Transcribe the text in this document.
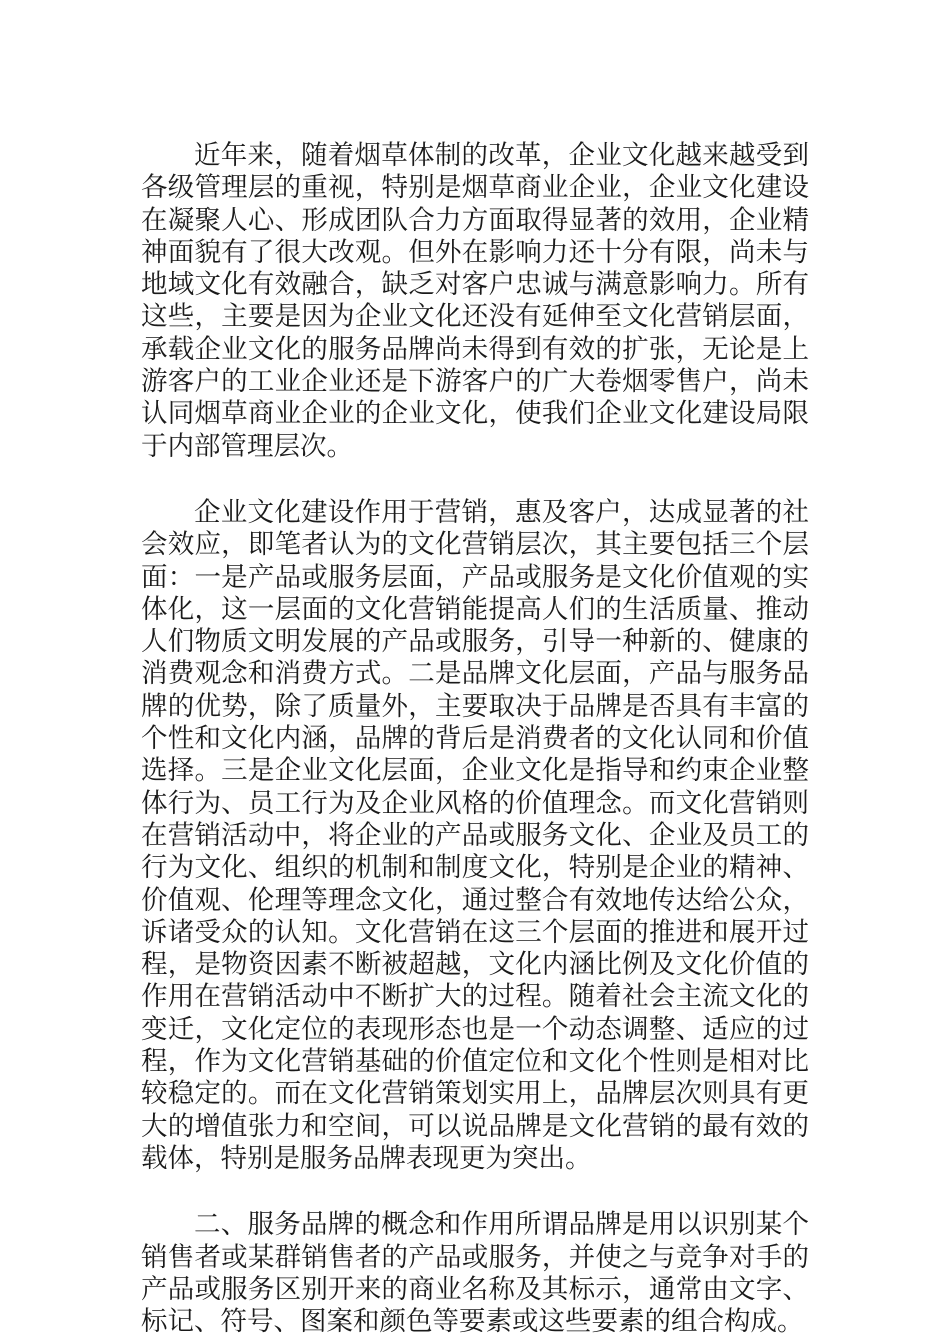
近年来，随着烟草体制的改革，企业文化越来越受到各级管理层的重视，特别是烟草商业企业，企业文化建设在凝聚人心、形成团队合力方面取得显著的效用，企业精神面貌有了很大改观。但外在影响力还十分有限，尚未与地域文化有效融合，缺乏对客户忠诚与满意影响力。所有这些，主要是因为企业文化还没有延伸至文化营销层面，承载企业文化的服务品牌尚未得到有效的扩张，无论是上游客户的工业企业还是下游客户的广大卷烟零售户，尚未认同烟草商业企业的企业文化，使我们企业文化建设局限于内部管理层次。

企业文化建设作用于营销，惠及客户，达成显著的社会效应，即笔者认为的文化营销层次，其主要包括三个层面：一是产品或服务层面，产品或服务是文化价值观的实体化，这一层面的文化营销能提高人们的生活质量、推动人们物质文明发展的产品或服务，引导一种新的、健康的消费观念和消费方式。二是品牌文化层面，产品与服务品牌的优势，除了质量外，主要取决于品牌是否具有丰富的个性和文化内涵，品牌的背后是消费者的文化认同和价值选择。三是企业文化层面，企业文化是指导和约束企业整体行为、员工行为及企业风格的价值理念。而文化营销则在营销活动中，将企业的产品或服务文化、企业及员工的行为文化、组织的机制和制度文化，特别是企业的精神、价值观、伦理等理念文化，通过整合有效地传达给公众，诉诸受众的认知。文化营销在这三个层面的推进和展开过程，是物资因素不断被超越，文化内涵比例及文化价值的作用在营销活动中不断扩大的过程。随着社会主流文化的变迁，文化定位的表现形态也是一个动态调整、适应的过程，作为文化营销基础的价值定位和文化个性则是相对比较稳定的。而在文化营销策划实用上，品牌层次则具有更大的增值张力和空间，可以说品牌是文化营销的最有效的载体，特别是服务品牌表现更为突出。

二、服务品牌的概念和作用所谓品牌是用以识别某个销售者或某群销售者的产品或服务，并使之与竞争对手的产品或服务区别开来的商业名称及其标示，通常由文字、标记、符号、图案和颜色等要素或这些要素的组合构成。
